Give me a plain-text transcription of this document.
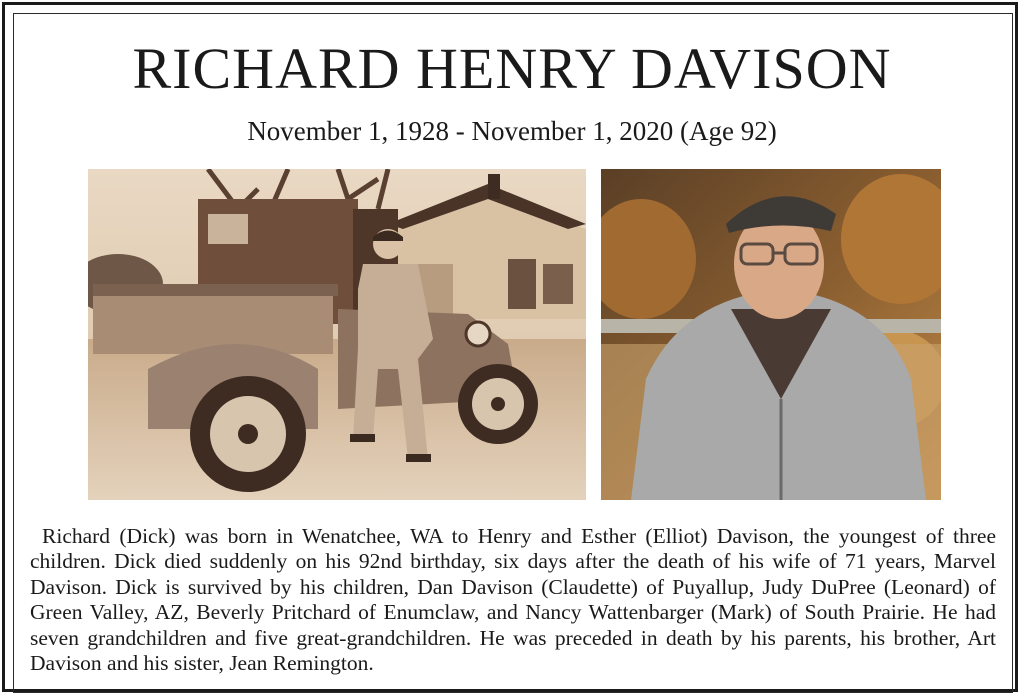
RICHARD HENRY DAVISON
November 1, 1928 - November 1, 2020 (Age 92)
Richard (Dick) was born in Wenatchee, WA to Henry and Esther (Elliot) Davison, the youngest of three children. Dick died suddenly on his 92nd birthday, six days after the death of his wife of 71 years, Marvel Davison. Dick is survived by his children, Dan Davison (Claudette) of Puyallup, Judy DuPree (Leonard) of Green Valley, AZ, Beverly Pritchard of Enumclaw, and Nancy Wattenbarger (Mark) of South Prairie. He had seven grandchildren and five great-grandchildren. He was preceded in death by his parents, his brother, Art Davison and his sister, Jean Remington.
